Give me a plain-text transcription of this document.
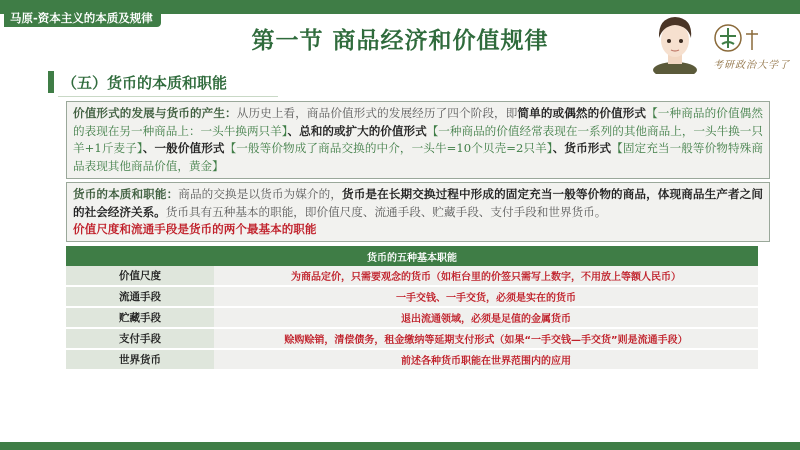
马原-资本主义的本质及规律
第一节 商品经济和价值规律
考研政治大学了
（五）货币的本质和职能
价值形式的发展与货币的产生：从历史上看，商品价值形式的发展经历了四个阶段，即简单的或偶然的价值形式【一种商品的价值偶然的表现在另一种商品上：一头牛换两只羊】、总和的或扩大的价值形式【一种商品的价值经常表现在一系列的其他商品上，一头牛换一只羊+1斤麦子】、一般价值形式【一般等价物成了商品交换的中介，一头牛=10个贝壳=2只羊】、货币形式【固定充当一般等价物特殊商品表现其他商品价值，黄金】
货币的本质和职能：商品的交换是以货币为媒介的，货币是在长期交换过程中形成的固定充当一般等价物的商品，体现商品生产者之间的社会经济关系。货币具有五种基本的职能，即价值尺度、流通手段、贮藏手段、支付手段和世界货币。
价值尺度和流通手段是货币的两个最基本的职能
货币的五种基本职能	
价值尺度	为商品定价，只需要观念的货币（如柜台里的价签只需写上数字，不用放上等额人民币）
流通手段	一手交钱、一手交货，必须是实在的货币
贮藏手段	退出流通领域，必须是足值的金属货币
支付手段	赊购赊销，清偿债务，租金缴纳等延期支付形式（如果“一手交钱—手交货”则是流通手段）
世界货币	前述各种货币职能在世界范围内的应用
